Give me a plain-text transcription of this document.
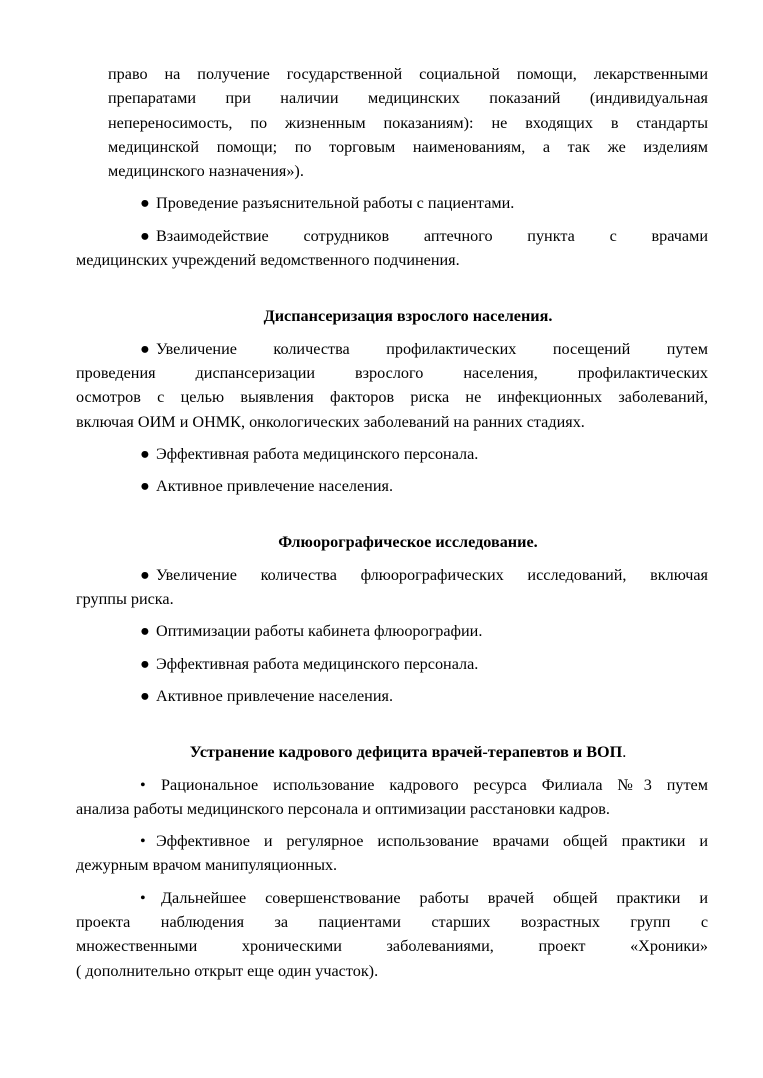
право на получение государственной социальной помощи, лекарственными
препаратами при наличии медицинских показаний (индивидуальная
непереносимость, по жизненным показаниям): не входящих в стандарты
медицинской помощи; по торговым наименованиям, а так же изделиям
медицинского назначения»).
● Проведение разъяснительной работы с пациентами.
● Взаимодействие сотрудников аптечного пункта с врачами
медицинских учреждений ведомственного подчинения.
Диспансеризация взрослого населения.
● Увеличение количества профилактических посещений путем
проведения диспансеризации взрослого населения, профилактических
осмотров с целью выявления факторов риска не инфекционных заболеваний,
включая ОИМ и ОНМК, онкологических заболеваний на ранних стадиях.
● Эффективная работа медицинского персонала.
● Активное привлечение населения.
Флюорографическое исследование.
● Увеличение количества флюорографических исследований, включая
группы риска.
● Оптимизации работы кабинета флюорографии.
● Эффективная работа медицинского персонала.
● Активное привлечение населения.
Устранение кадрового дефицита врачей-терапевтов и ВОП.
• Рациональное использование кадрового ресурса Филиала №3 путем
анализа работы медицинского персонала и оптимизации расстановки кадров.
• Эффективное и регулярное использование врачами общей практики и
дежурным врачом манипуляционных.
• Дальнейшее совершенствование работы врачей общей практики и
проекта наблюдения за пациентами старших возрастных групп с
множественными хроническими заболеваниями, проект «Хроники»
( дополнительно открыт еще один участок).
